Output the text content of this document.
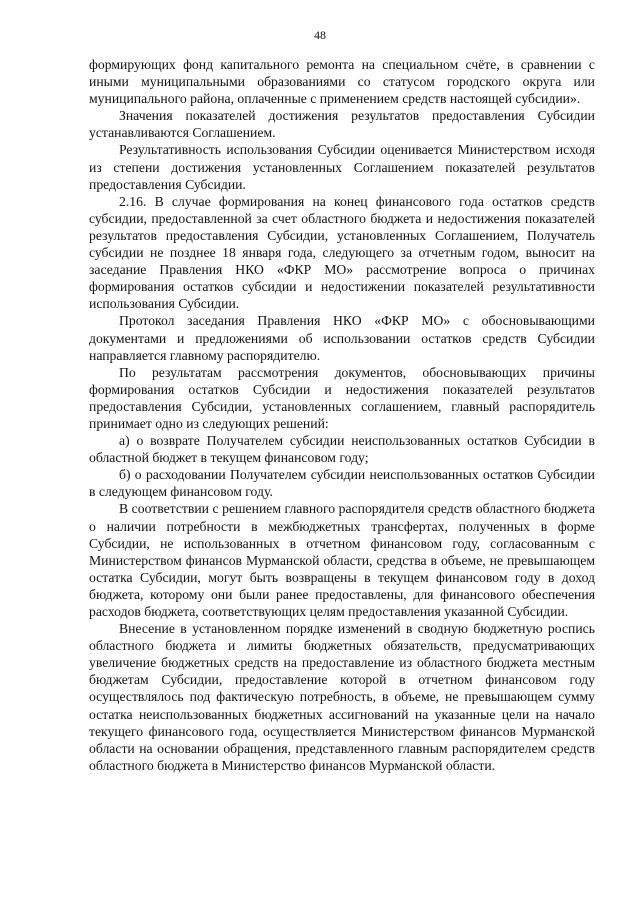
48

формирующих фонд капитального ремонта на специальном счёте, в сравнении с иными муниципальными образованиями со статусом городского округа или муниципального района, оплаченные с применением средств настоящей субсидии».

Значения показателей достижения результатов предоставления Субсидии устанавливаются Соглашением.

Результативность использования Субсидии оценивается Министерством исходя из степени достижения установленных Соглашением показателей результатов предоставления Субсидии.

2.16. В случае формирования на конец финансового года остатков средств субсидии, предоставленной за счет областного бюджета и недостижения показателей результатов предоставления Субсидии, установленных Соглашением, Получатель субсидии не позднее 18 января года, следующего за отчетным годом, выносит на заседание Правления НКО «ФКР МО» рассмотрение вопроса о причинах формирования остатков субсидии и недостижении показателей результативности использования Субсидии.

Протокол заседания Правления НКО «ФКР МО» с обосновывающими документами и предложениями об использовании остатков средств Субсидии направляется главному распорядителю.

По результатам рассмотрения документов, обосновывающих причины формирования остатков Субсидии и недостижения показателей результатов предоставления Субсидии, установленных соглашением, главный распорядитель принимает одно из следующих решений:

а) о возврате Получателем субсидии неиспользованных остатков Субсидии в областной бюджет в текущем финансовом году;

б) о расходовании Получателем субсидии неиспользованных остатков Субсидии в следующем финансовом году.

В соответствии с решением главного распорядителя средств областного бюджета о наличии потребности в межбюджетных трансфертах, полученных в форме Субсидии, не использованных в отчетном финансовом году, согласованным с Министерством финансов Мурманской области, средства в объеме, не превышающем остатка Субсидии, могут быть возвращены в текущем финансовом году в доход бюджета, которому они были ранее предоставлены, для финансового обеспечения расходов бюджета, соответствующих целям предоставления указанной Субсидии.

Внесение в установленном порядке изменений в сводную бюджетную роспись областного бюджета и лимиты бюджетных обязательств, предусматривающих увеличение бюджетных средств на предоставление из областного бюджета местным бюджетам Субсидии, предоставление которой в отчетном финансовом году осуществлялось под фактическую потребность, в объеме, не превышающем сумму остатка неиспользованных бюджетных ассигнований на указанные цели на начало текущего финансового года, осуществляется Министерством финансов Мурманской области на основании обращения, представленного главным распорядителем средств областного бюджета в Министерство финансов Мурманской области.
